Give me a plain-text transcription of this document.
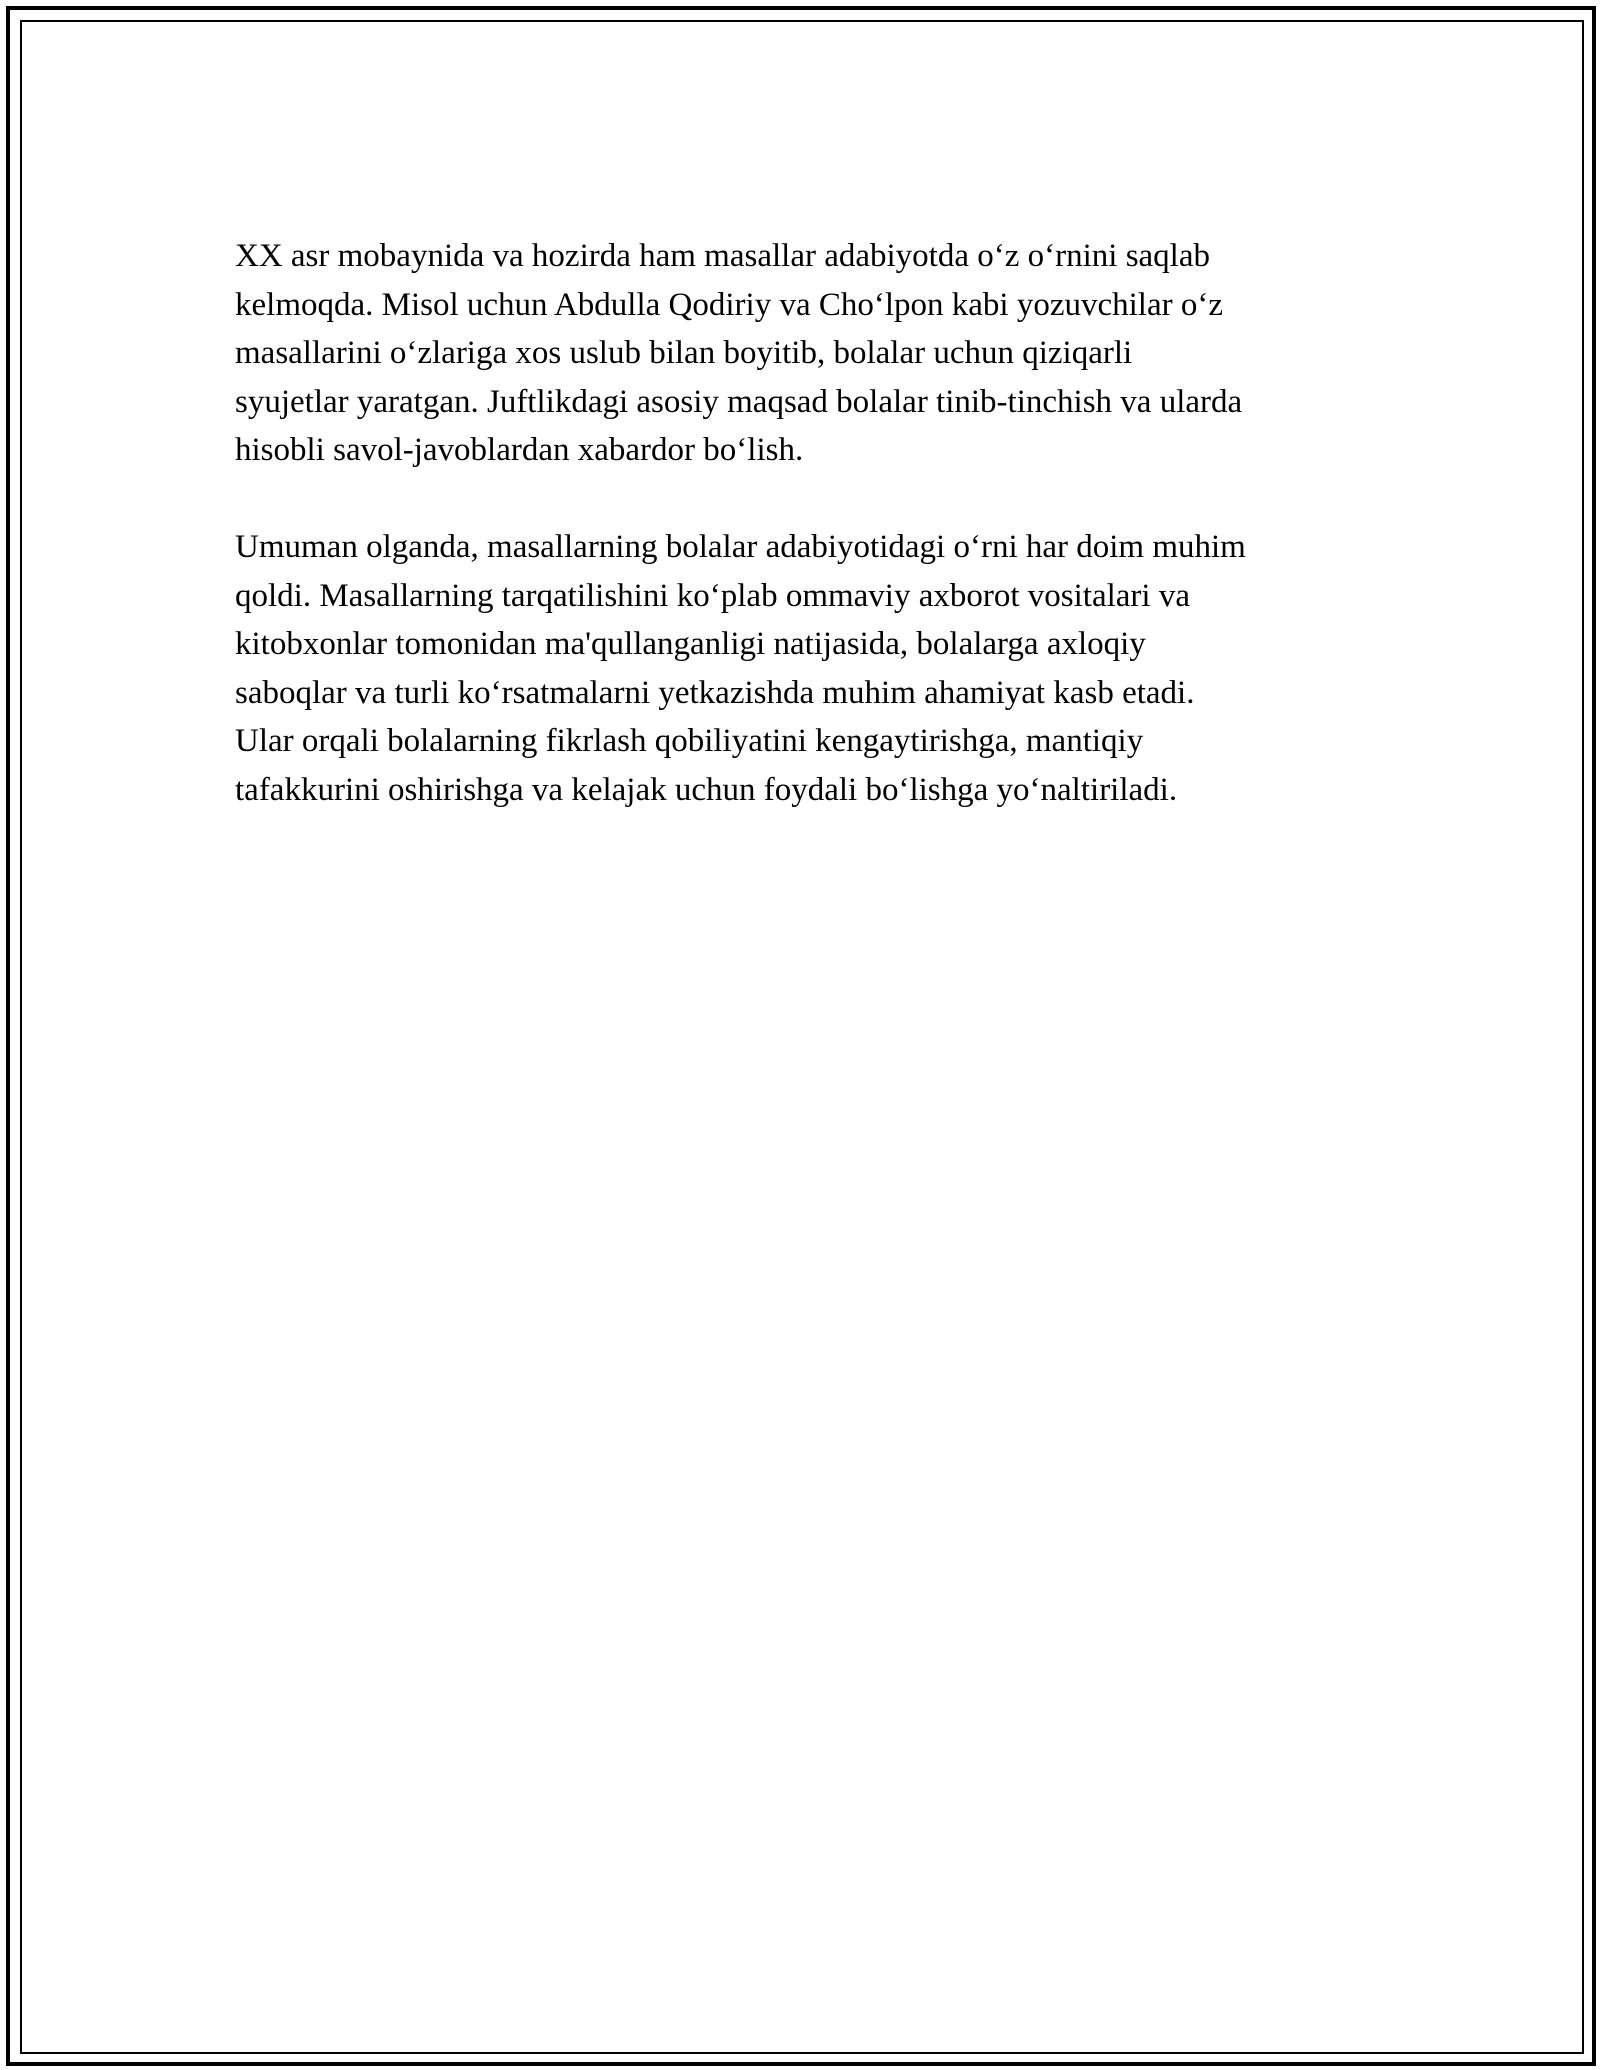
XX asr mobaynida va hozirda ham masallar adabiyotda o‘z o‘rnini saqlab
kelmoqda. Misol uchun Abdulla Qodiriy va Cho‘lpon kabi yozuvchilar o‘z
masallarini o‘zlariga xos uslub bilan boyitib, bolalar uchun qiziqarli
syujetlar yaratgan. Juftlikdagi asosiy maqsad bolalar tinib-tinchish va ularda
hisobli savol-javoblardan xabardor bo‘lish.

Umuman olganda, masallarning bolalar adabiyotidagi o‘rni har doim muhim
qoldi. Masallarning tarqatilishini ko‘plab ommaviy axborot vositalari va
kitobxonlar tomonidan ma'qullanganligi natijasida, bolalarga axloqiy
saboqlar va turli ko‘rsatmalarni yetkazishda muhim ahamiyat kasb etadi.
Ular orqali bolalarning fikrlash qobiliyatini kengaytirishga, mantiqiy
tafakkurini oshirishga va kelajak uchun foydali bo‘lishga yo‘naltiriladi.
